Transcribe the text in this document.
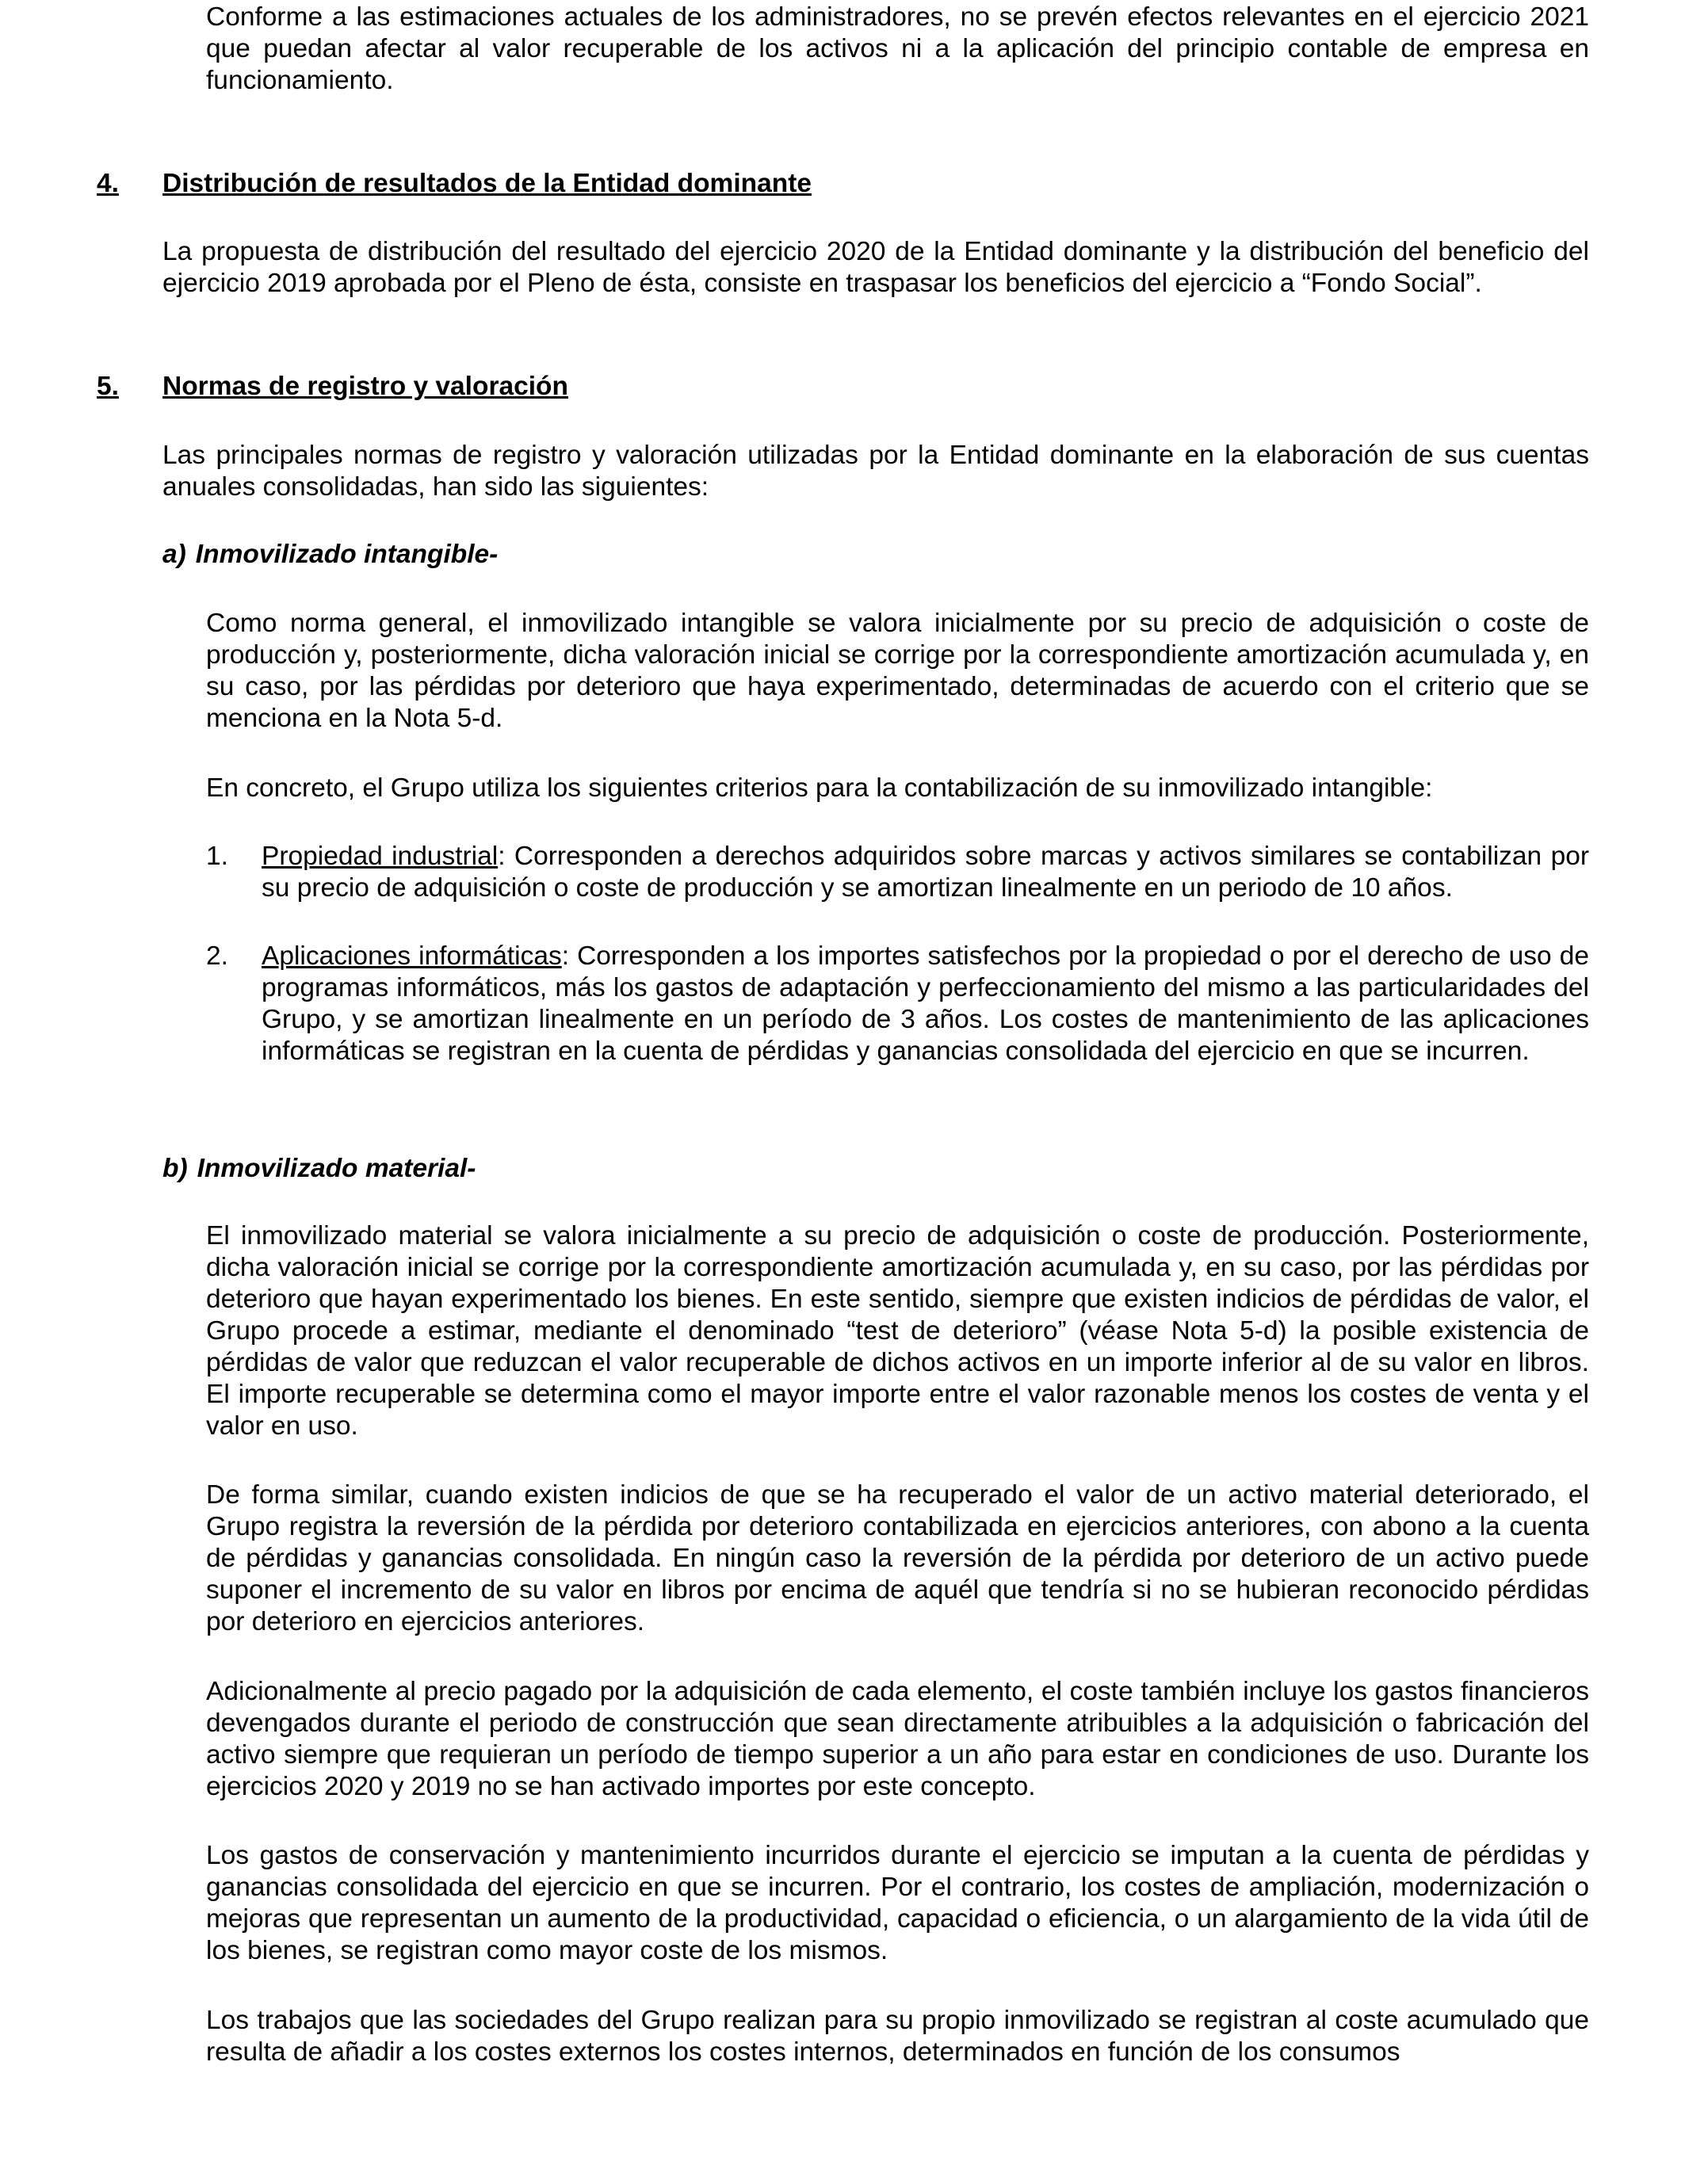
Conforme a las estimaciones actuales de los administradores, no se prevén efectos relevantes en el ejercicio 2021 que puedan afectar al valor recuperable de los activos ni a la aplicación del principio contable de empresa en funcionamiento.

4. Distribución de resultados de la Entidad dominante

La propuesta de distribución del resultado del ejercicio 2020 de la Entidad dominante y la distribución del beneficio del ejercicio 2019 aprobada por el Pleno de ésta, consiste en traspasar los beneficios del ejercicio a “Fondo Social”.

5. Normas de registro y valoración

Las principales normas de registro y valoración utilizadas por la Entidad dominante en la elaboración de sus cuentas anuales consolidadas, han sido las siguientes:

a) Inmovilizado intangible-

Como norma general, el inmovilizado intangible se valora inicialmente por su precio de adquisición o coste de producción y, posteriormente, dicha valoración inicial se corrige por la correspondiente amortización acumulada y, en su caso, por las pérdidas por deterioro que haya experimentado, determinadas de acuerdo con el criterio que se menciona en la Nota 5-d.

En concreto, el Grupo utiliza los siguientes criterios para la contabilización de su inmovilizado intangible:

1. Propiedad industrial: Corresponden a derechos adquiridos sobre marcas y activos similares se contabilizan por su precio de adquisición o coste de producción y se amortizan linealmente en un periodo de 10 años.

2. Aplicaciones informáticas: Corresponden a los importes satisfechos por la propiedad o por el derecho de uso de programas informáticos, más los gastos de adaptación y perfeccionamiento del mismo a las particularidades del Grupo, y se amortizan linealmente en un período de 3 años. Los costes de mantenimiento de las aplicaciones informáticas se registran en la cuenta de pérdidas y ganancias consolidada del ejercicio en que se incurren.

b) Inmovilizado material-

El inmovilizado material se valora inicialmente a su precio de adquisición o coste de producción. Posteriormente, dicha valoración inicial se corrige por la correspondiente amortización acumulada y, en su caso, por las pérdidas por deterioro que hayan experimentado los bienes. En este sentido, siempre que existen indicios de pérdidas de valor, el Grupo procede a estimar, mediante el denominado “test de deterioro” (véase Nota 5-d) la posible existencia de pérdidas de valor que reduzcan el valor recuperable de dichos activos en un importe inferior al de su valor en libros. El importe recuperable se determina como el mayor importe entre el valor razonable menos los costes de venta y el valor en uso.

De forma similar, cuando existen indicios de que se ha recuperado el valor de un activo material deteriorado, el Grupo registra la reversión de la pérdida por deterioro contabilizada en ejercicios anteriores, con abono a la cuenta de pérdidas y ganancias consolidada. En ningún caso la reversión de la pérdida por deterioro de un activo puede suponer el incremento de su valor en libros por encima de aquél que tendría si no se hubieran reconocido pérdidas por deterioro en ejercicios anteriores.

Adicionalmente al precio pagado por la adquisición de cada elemento, el coste también incluye los gastos financieros devengados durante el periodo de construcción que sean directamente atribuibles a la adquisición o fabricación del activo siempre que requieran un período de tiempo superior a un año para estar en condiciones de uso. Durante los ejercicios 2020 y 2019 no se han activado importes por este concepto.

Los gastos de conservación y mantenimiento incurridos durante el ejercicio se imputan a la cuenta de pérdidas y ganancias consolidada del ejercicio en que se incurren. Por el contrario, los costes de ampliación, modernización o mejoras que representan un aumento de la productividad, capacidad o eficiencia, o un alargamiento de la vida útil de los bienes, se registran como mayor coste de los mismos.

Los trabajos que las sociedades del Grupo realizan para su propio inmovilizado se registran al coste acumulado que resulta de añadir a los costes externos los costes internos, determinados en función de los consumos
